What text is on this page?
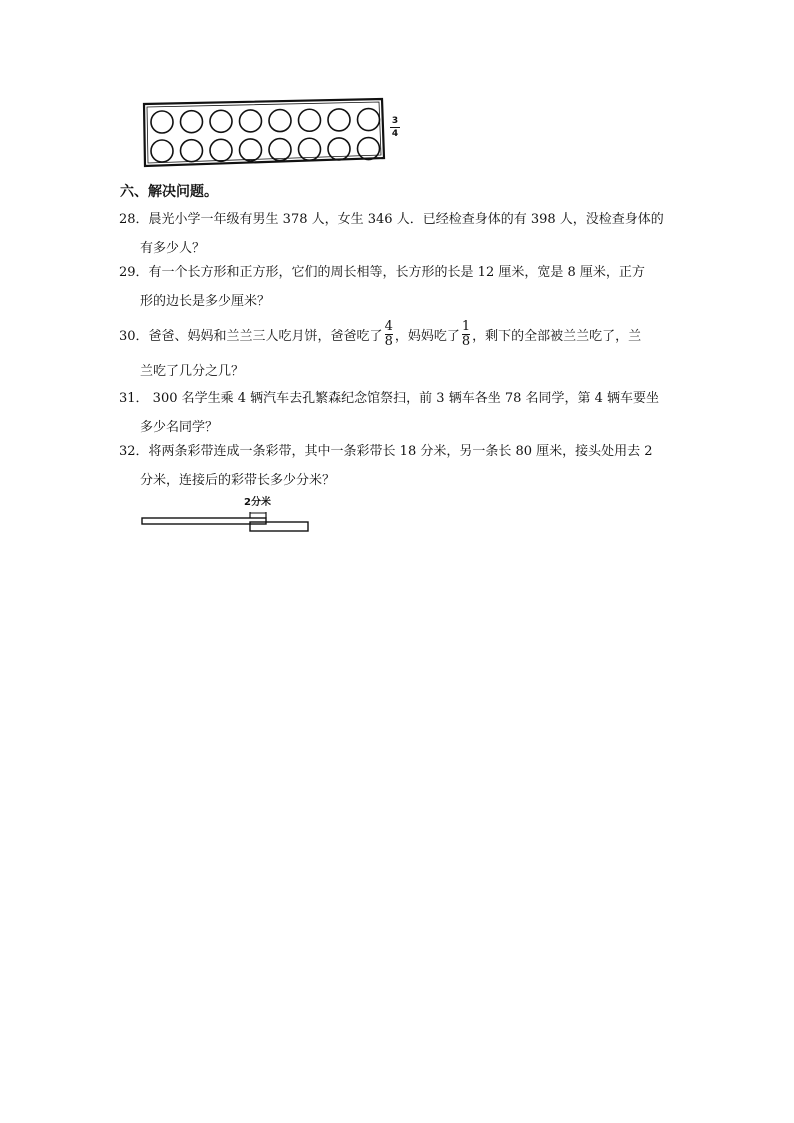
3
4
六、解决问题。
28．晨光小学一年级有男生 378 人，女生 346 人．已经检查身体的有 398 人，没检查身体的
有多少人？
29．有一个长方形和正方形，它们的周长相等，长方形的长是 12 厘米，宽是 8 厘米，正方
形的边长是多少厘米？
30．爸爸、妈妈和兰兰三人吃月饼，爸爸吃了 $\frac{4}{8}$ ，妈妈吃了 $\frac{1}{8}$ ，剩下的全部被兰兰吃了，兰
兰吃了几分之几？
31． 300 名学生乘 4 辆汽车去孔繁森纪念馆祭扫，前 3 辆车各坐 78 名同学，第 4 辆车要坐
多少名同学？
32．将两条彩带连成一条彩带，其中一条彩带长 18 分米，另一条长 80 厘米，接头处用去 2
分米，连接后的彩带长多少分米？
2分米
